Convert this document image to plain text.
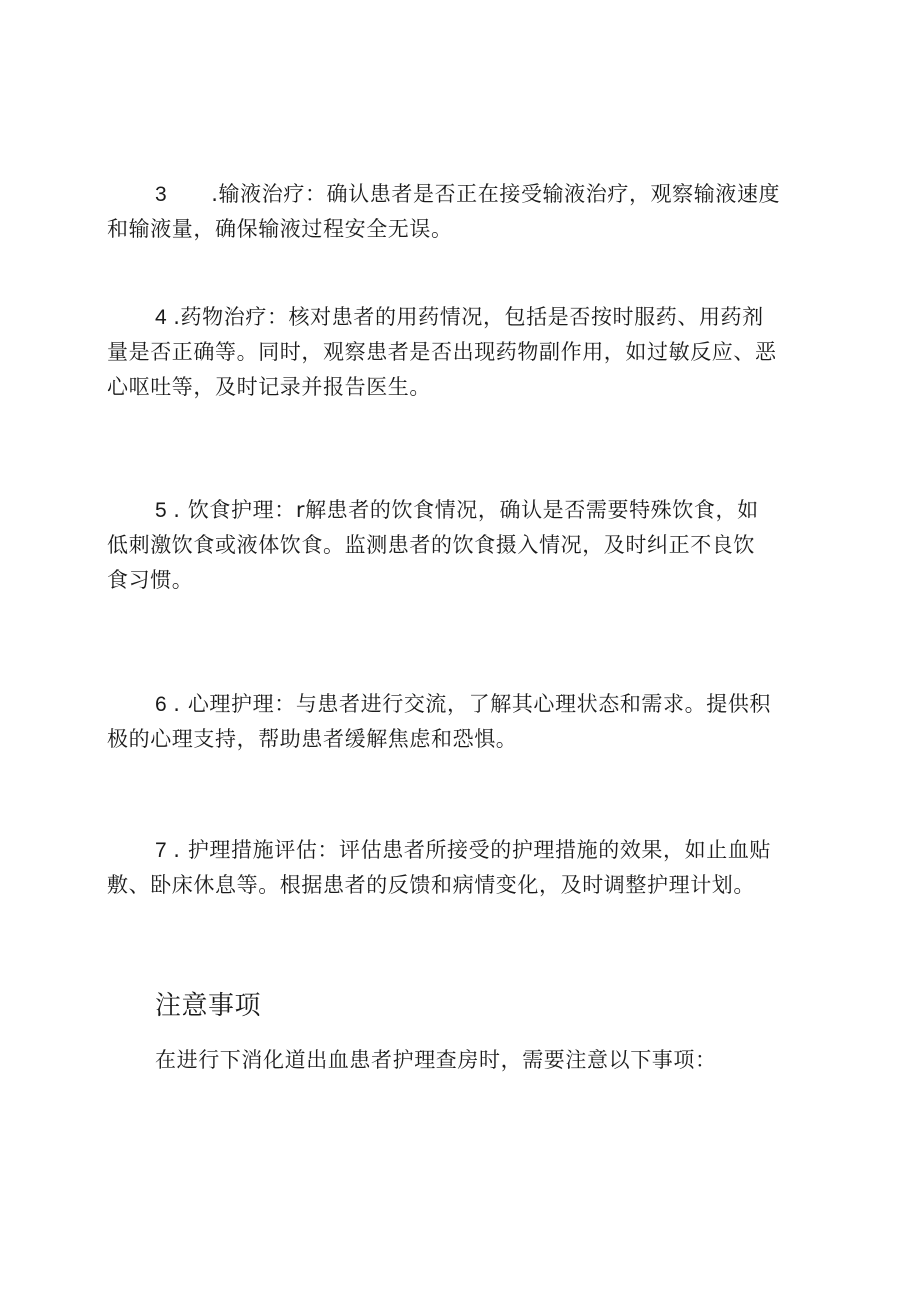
3 .输液治疗：确认患者是否正在接受输液治疗，观察输液速度
和输液量，确保输液过程安全无误。
4 .药物治疗：核对患者的用药情况，包括是否按时服药、用药剂
量是否正确等。同时，观察患者是否出现药物副作用，如过敏反应、恶
心呕吐等，及时记录并报告医生。
5 . 饮食护理：r解患者的饮食情况，确认是否需要特殊饮食，如
低刺激饮食或液体饮食。监测患者的饮食摄入情况，及时纠正不良饮
食习惯。
6 . 心理护理：与患者进行交流，了解其心理状态和需求。提供积
极的心理支持，帮助患者缓解焦虑和恐惧。
7 . 护理措施评估：评估患者所接受的护理措施的效果，如止血贴
敷、卧床休息等。根据患者的反馈和病情变化，及时调整护理计划。
注意事项
在进行下消化道出血患者护理查房时，需要注意以下事项：
